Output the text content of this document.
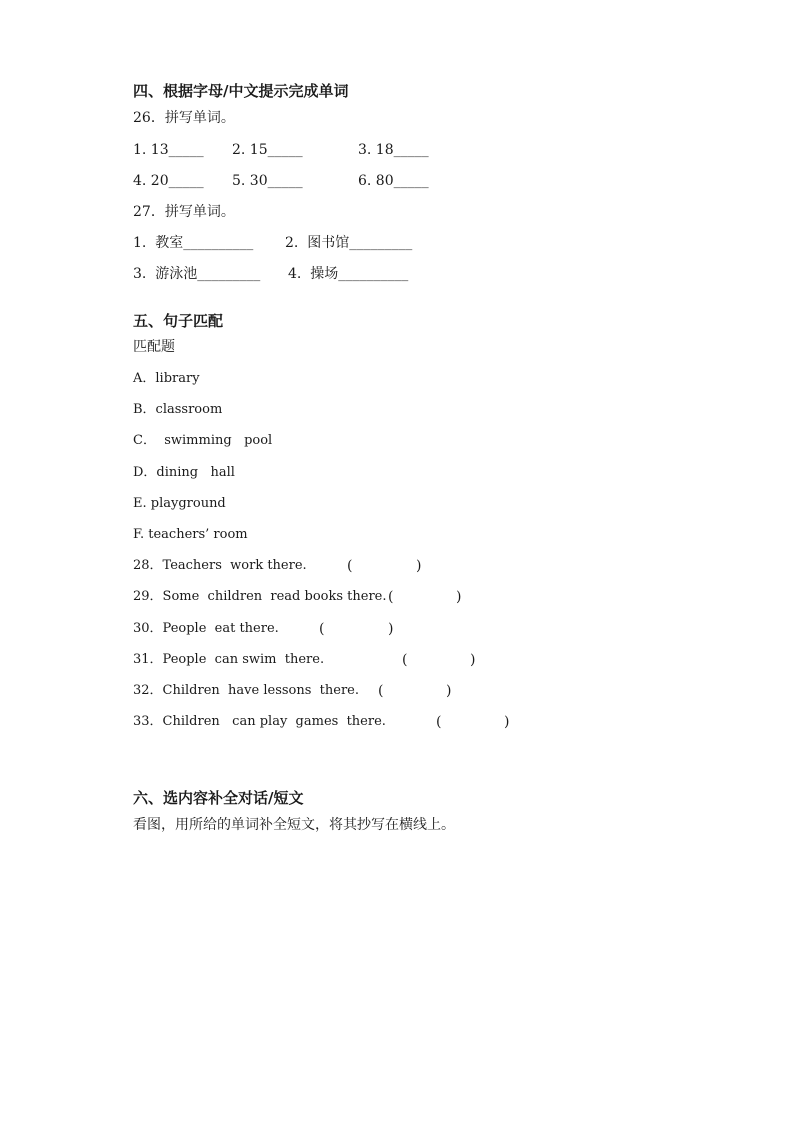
四、根据字母/中文提示完成单词
26．拼写单词。
1. 13_____ 2. 15_____	3. 18_____
4. 20_____ 5. 30_____	6. 80_____
27．拼写单词。
1.  教室__________ 2.  图书馆_________
3.  游泳池_________ 4.  操场__________
五、句子匹配
匹配题
A．library
B．classroom
C．  swimming   pool
D．dining   hall
E. playground
F. teachers’ room
28．Teachers  work there.	(	)
29．Some  children  read books there. (	)
30．People  eat there.	(	)
31．People  can swim  there.	(	)
32．Children  have lessons  there. (	)
33．Children   can play  games  there.	(	)
六、选内容补全对话/短文
看图，用所给的单词补全短文，将其抄写在横线上。
